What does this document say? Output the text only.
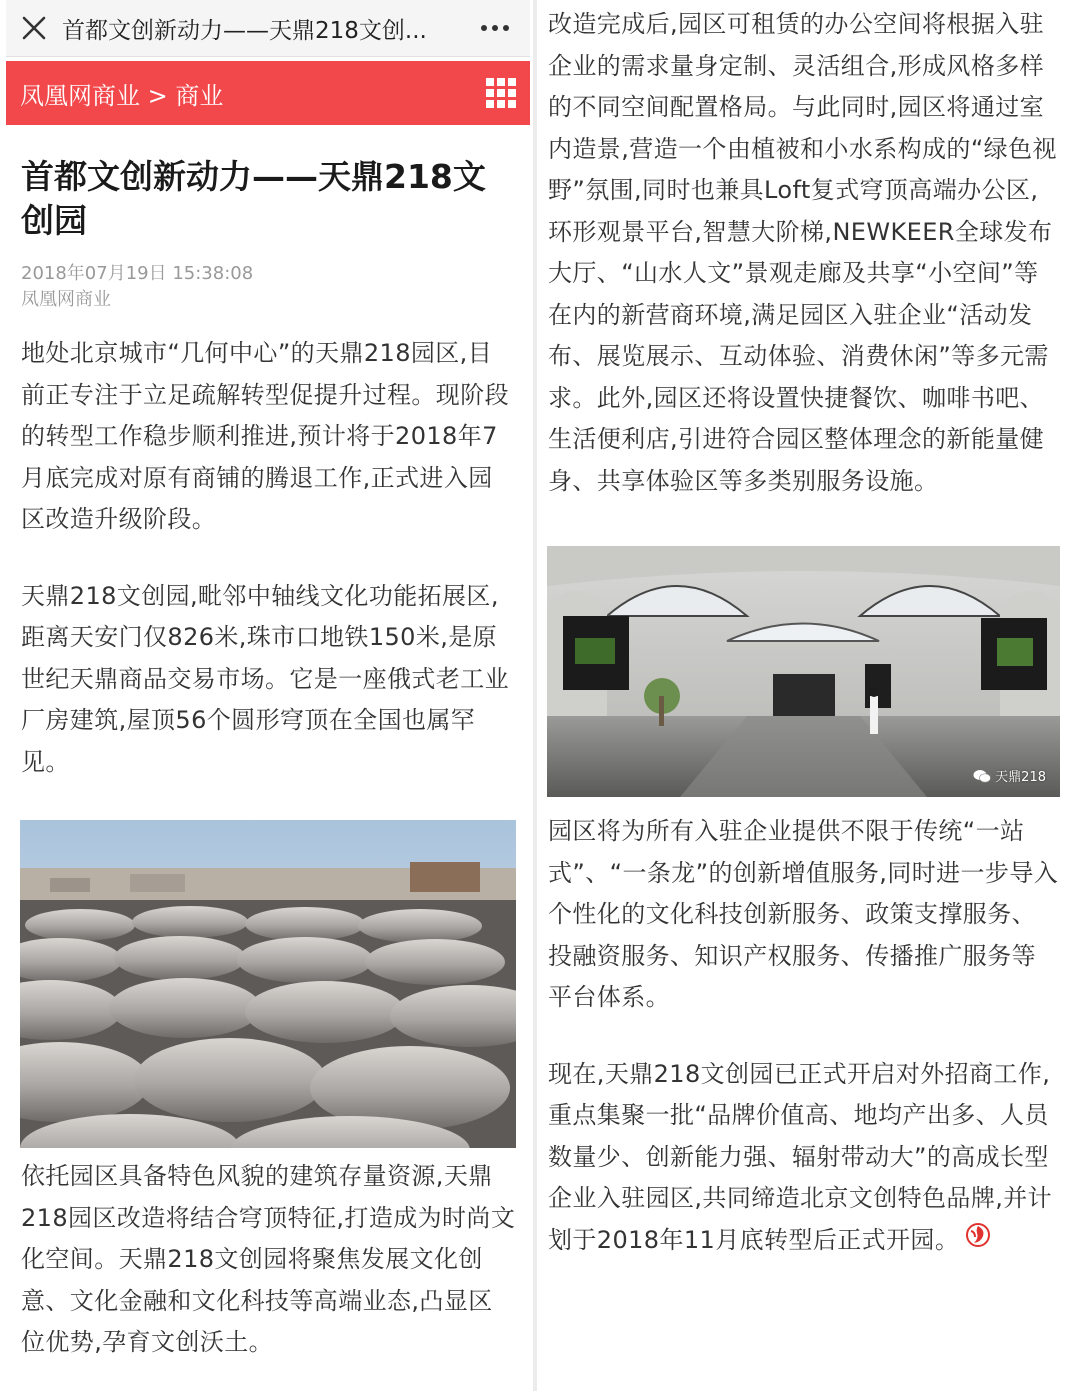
首都文创新动力——天鼎218文创...
凤凰网商业 > 商业
首都文创新动力——天鼎218文创园
2018年07月19日 15:38:08
凤凰网商业

地处北京城市“几何中心”的天鼎218园区,目前正专注于立足疏解转型促提升过程。现阶段的转型工作稳步顺利推进,预计将于2018年7月底完成对原有商铺的腾退工作,正式进入园区改造升级阶段。

天鼎218文创园,毗邻中轴线文化功能拓展区,距离天安门仅826米,珠市口地铁150米,是原世纪天鼎商品交易市场。它是一座俄式老工业厂房建筑,屋顶56个圆形穹顶在全国也属罕见。

依托园区具备特色风貌的建筑存量资源,天鼎218园区改造将结合穹顶特征,打造成为时尚文化空间。天鼎218文创园将聚焦发展文化创意、文化金融和文化科技等高端业态,凸显区位优势,孕育文创沃土。

改造完成后,园区可租赁的办公空间将根据入驻企业的需求量身定制、灵活组合,形成风格多样的不同空间配置格局。与此同时,园区将通过室内造景,营造一个由植被和小水系构成的“绿色视野”氛围,同时也兼具Loft复式穹顶高端办公区,环形观景平台,智慧大阶梯,NEWKEER全球发布大厅、“山水人文”景观走廊及共享“小空间”等在内的新营商环境,满足园区入驻企业“活动发布、展览展示、互动体验、消费休闲”等多元需求。此外,园区还将设置快捷餐饮、咖啡书吧、生活便利店,引进符合园区整体理念的新能量健身、共享体验区等多类别服务设施。

天鼎218

园区将为所有入驻企业提供不限于传统“一站式”、“一条龙”的创新增值服务,同时进一步导入个性化的文化科技创新服务、政策支撑服务、投融资服务、知识产权服务、传播推广服务等平台体系。

现在,天鼎218文创园已正式开启对外招商工作,重点集聚一批“品牌价值高、地均产出多、人员数量少、创新能力强、辐射带动大”的高成长型企业入驻园区,共同缔造北京文创特色品牌,并计划于2018年11月底转型后正式开园。
